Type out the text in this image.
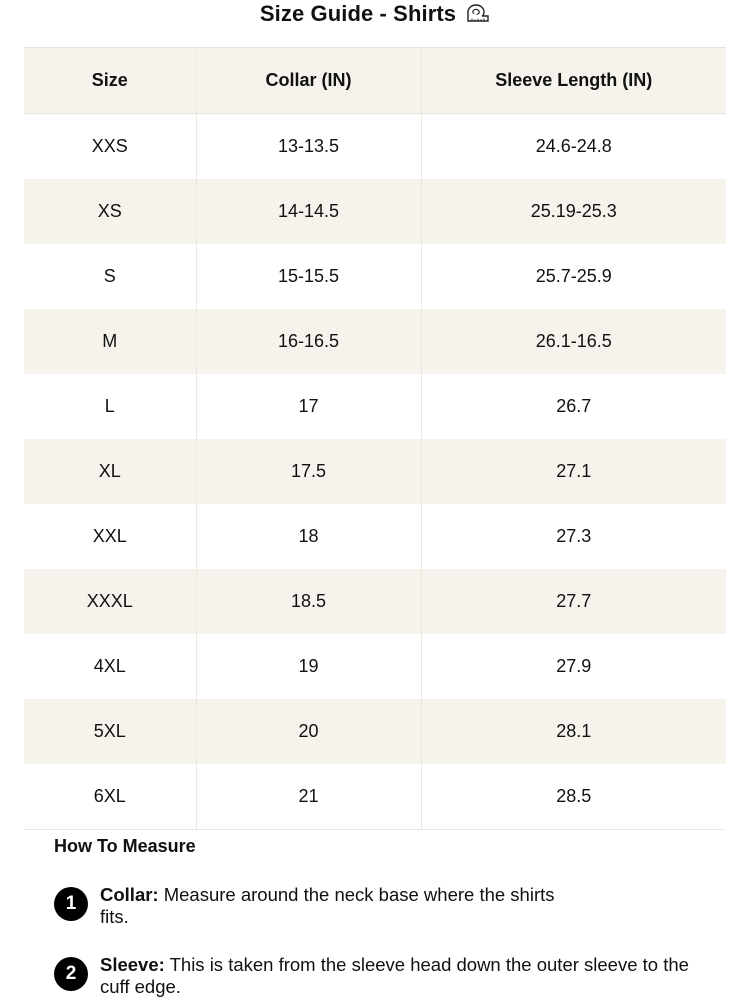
Size Guide - Shirts
Size	Collar (IN)	Sleeve Length (IN)
XXS	13-13.5	24.6-24.8
XS	14-14.5	25.19-25.3
S	15-15.5	25.7-25.9
M	16-16.5	26.1-16.5
L	17	26.7
XL	17.5	27.1
XXL	18	27.3
XXXL	18.5	27.7
4XL	19	27.9
5XL	20	28.1
6XL	21	28.5
How To Measure
1	Collar: Measure around the neck base where the shirts fits.
2	Sleeve: This is taken from the sleeve head down the outer sleeve to the cuff edge.
